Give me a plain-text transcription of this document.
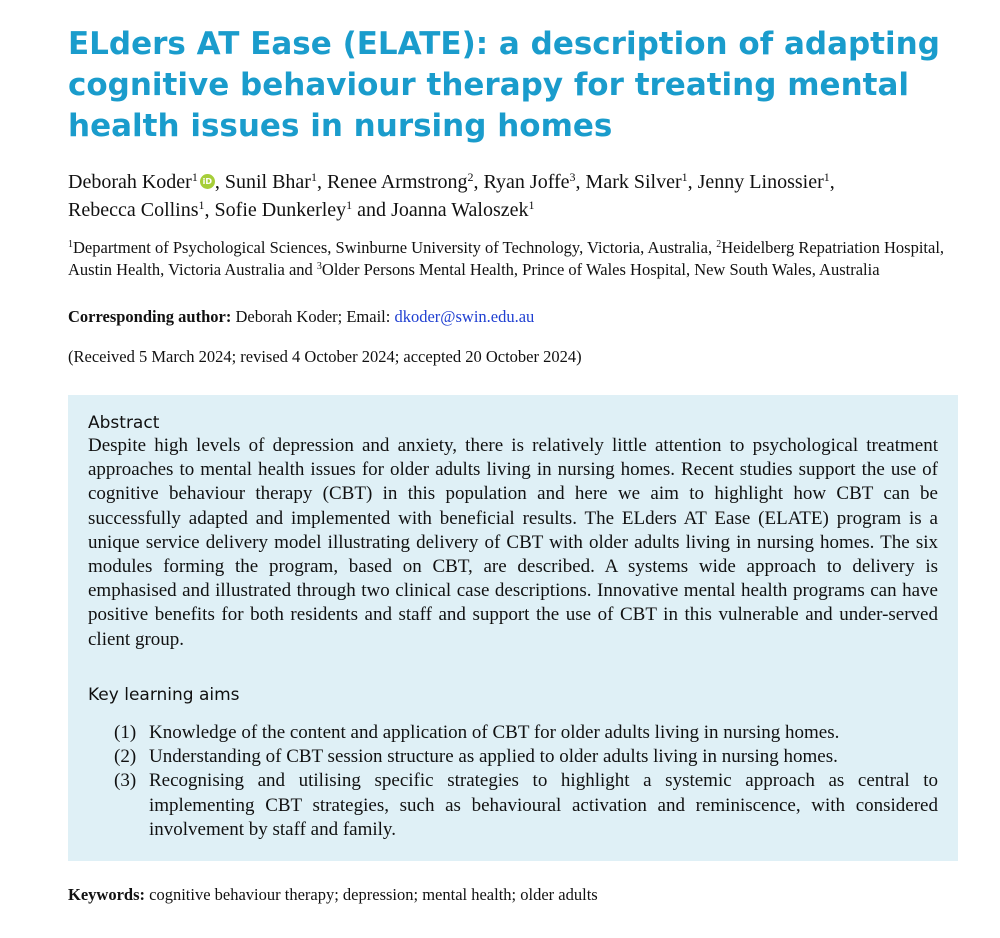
ELders AT Ease (ELATE): a description of adapting cognitive behaviour therapy for treating mental health issues in nursing homes

Deborah Koder$^1$ iD , Sunil Bhar$^1$, Renee Armstrong$^2$, Ryan Joffe$^3$, Mark Silver$^1$, Jenny Linossier$^1$,
Rebecca Collins$^1$, Sofie Dunkerley$^1$ and Joanna Waloszek$^1$

$^1$Department of Psychological Sciences, Swinburne University of Technology, Victoria, Australia, $^2$Heidelberg Repatriation Hospital, Austin Health, Victoria Australia and $^3$Older Persons Mental Health, Prince of Wales Hospital, New South Wales, Australia

Corresponding author: Deborah Koder; Email: dkoder@swin.edu.au

(Received 5 March 2024; revised 4 October 2024; accepted 20 October 2024)

Abstract

Despite high levels of depression and anxiety, there is relatively little attention to psychological treatment approaches to mental health issues for older adults living in nursing homes. Recent studies support the use of cognitive behaviour therapy (CBT) in this population and here we aim to highlight how CBT can be successfully adapted and implemented with beneficial results. The ELders AT Ease (ELATE) program is a unique service delivery model illustrating delivery of CBT with older adults living in nursing homes. The six modules forming the program, based on CBT, are described. A systems wide approach to delivery is emphasised and illustrated through two clinical case descriptions. Innovative mental health programs can have positive benefits for both residents and staff and support the use of CBT in this vulnerable and under-served client group.

Key learning aims
(1) Knowledge of the content and application of CBT for older adults living in nursing homes.
(2) Understanding of CBT session structure as applied to older adults living in nursing homes.
(3) Recognising and utilising specific strategies to highlight a systemic approach as central to implementing CBT strategies, such as behavioural activation and reminiscence, with considered involvement by staff and family.

Keywords: cognitive behaviour therapy; depression; mental health; older adults
